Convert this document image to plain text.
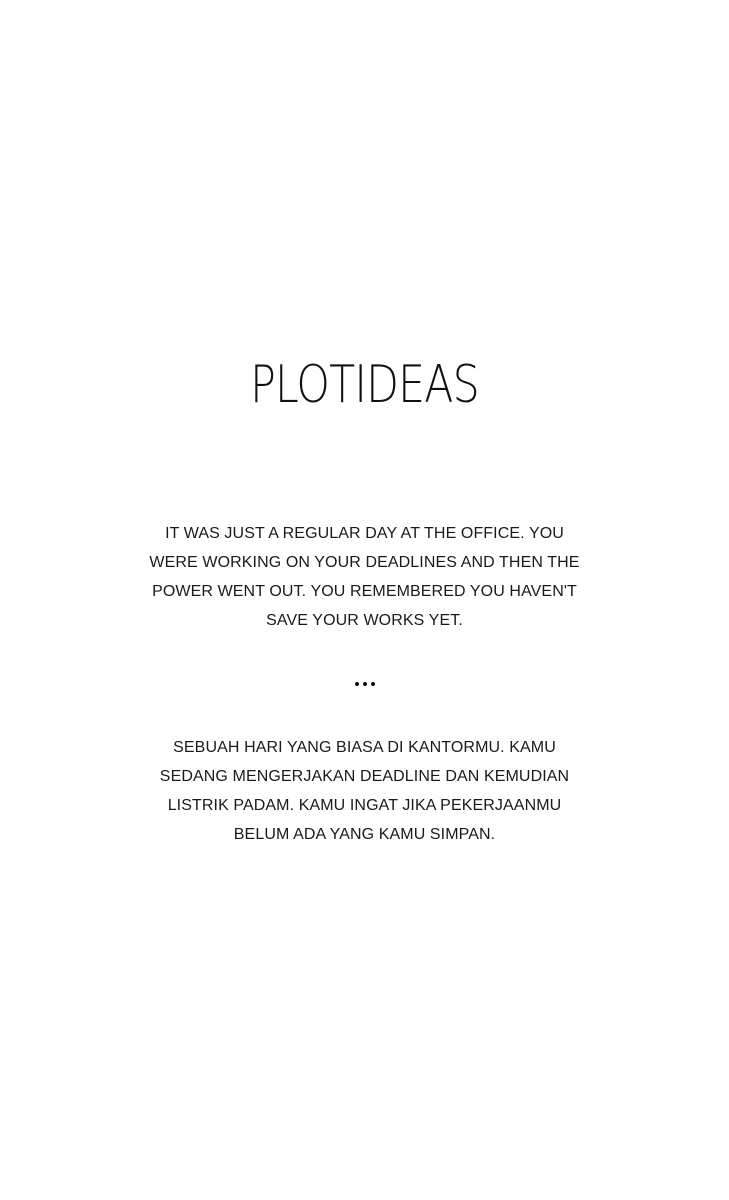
PLOTIDEAS
IT WAS JUST A REGULAR DAY AT THE OFFICE. YOU WERE WORKING ON YOUR DEADLINES AND THEN THE POWER WENT OUT. YOU REMEMBERED YOU HAVEN'T SAVE YOUR WORKS YET.
SEBUAH HARI YANG BIASA DI KANTORMU. KAMU SEDANG MENGERJAKAN DEADLINE DAN KEMUDIAN LISTRIK PADAM. KAMU INGAT JIKA PEKERJAANMU BELUM ADA YANG KAMU SIMPAN.
